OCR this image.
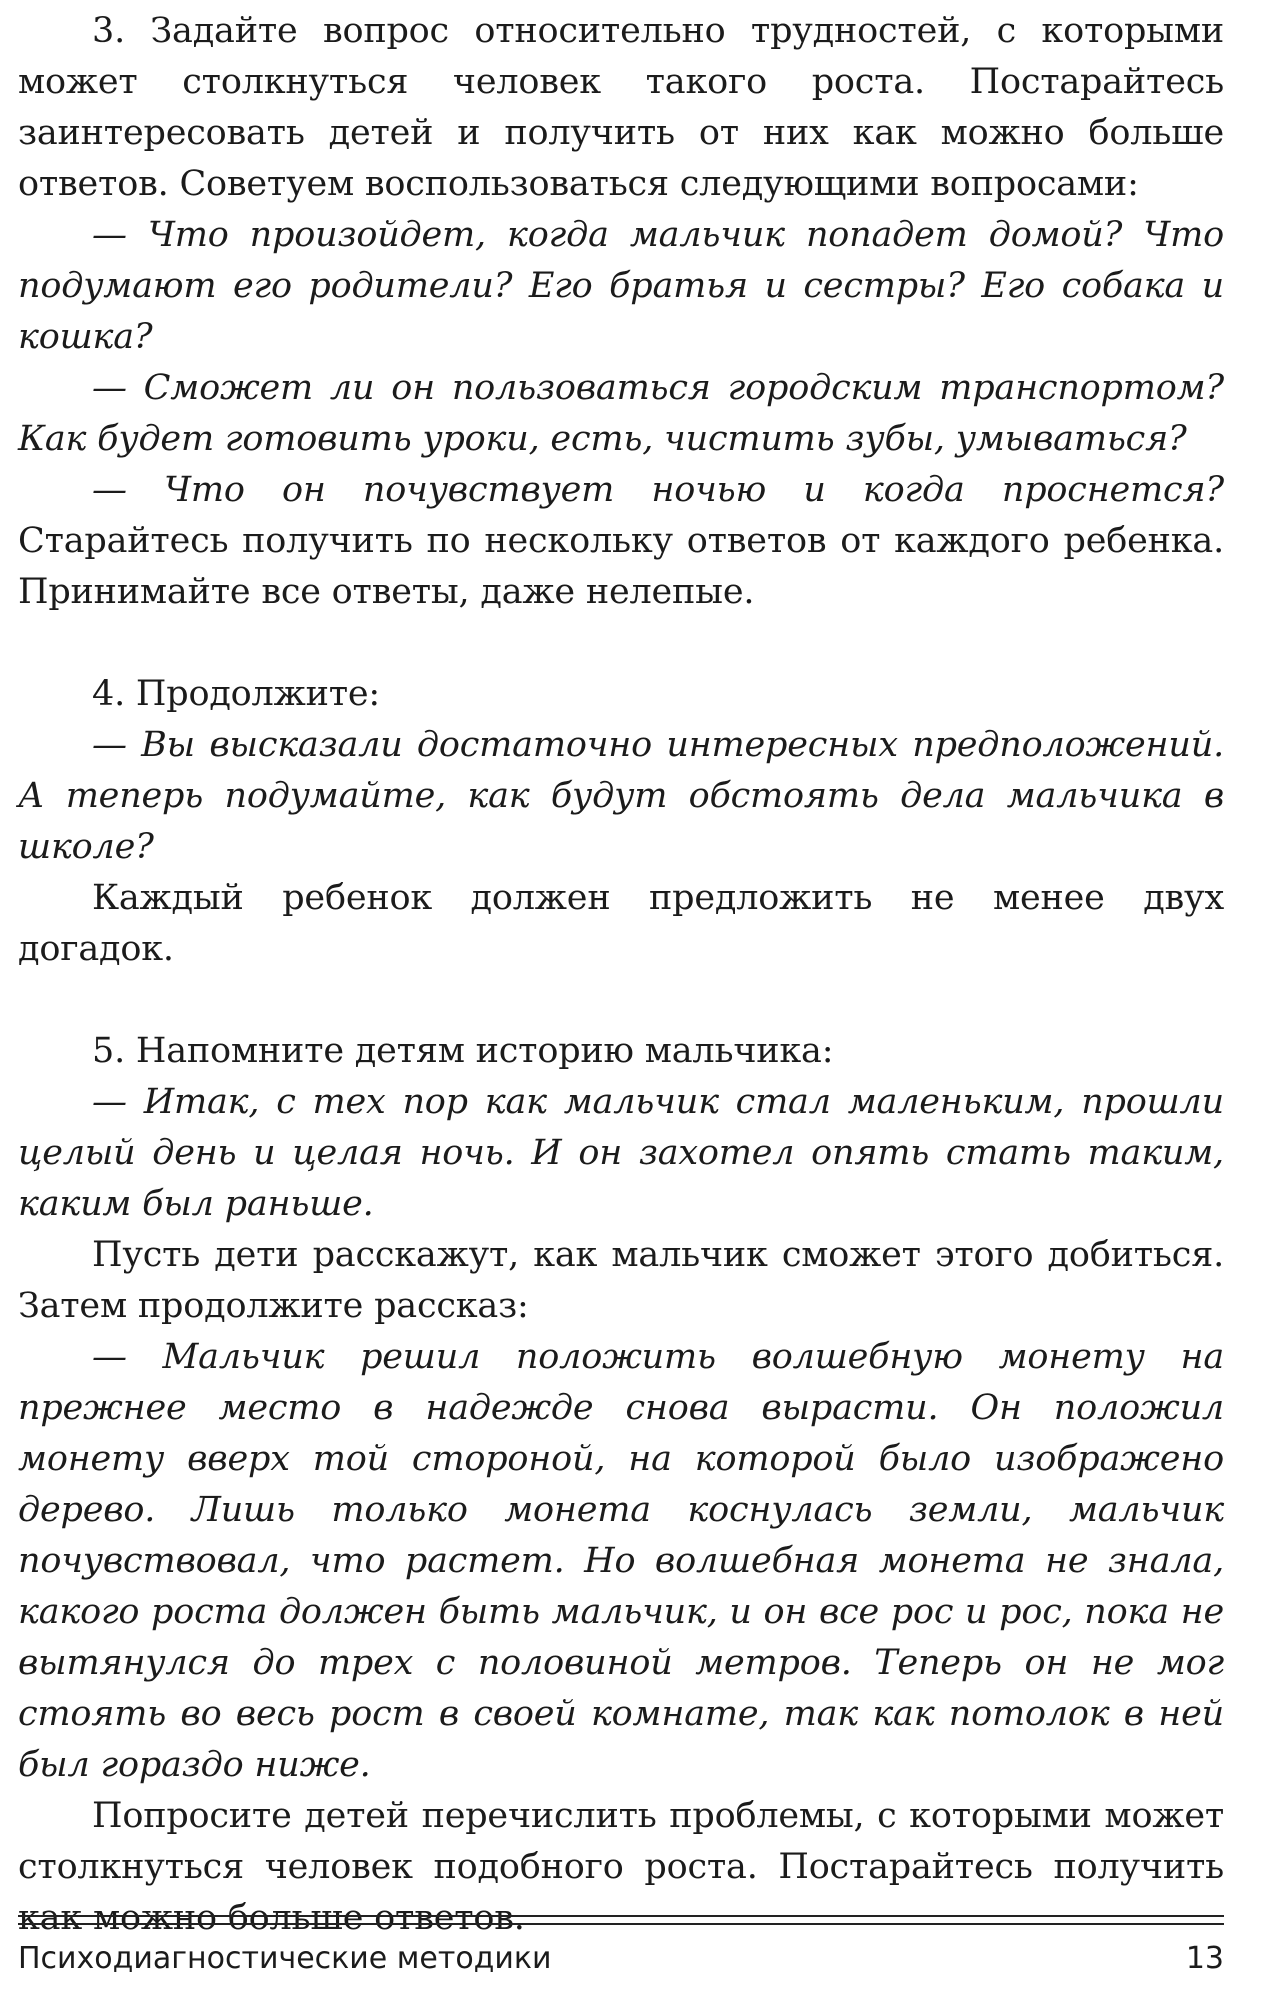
3. Задайте вопрос относительно трудностей, с которыми может столкнуться человек такого роста. Постарайтесь заинтересовать детей и получить от них как можно больше ответов. Советуем воспользоваться следующими вопросами:

— Что произойдет, когда мальчик попадет домой? Что подумают его родители? Его братья и сестры? Его собака и кошка?

— Сможет ли он пользоваться городским транспортом? Как будет готовить уроки, есть, чистить зубы, умываться?

— Что он почувствует ночью и когда проснется? Старайтесь получить по нескольку ответов от каждого ребенка. Принимайте все ответы, даже нелепые.

4. Продолжите:

— Вы высказали достаточно интересных предположений. А теперь подумайте, как будут обстоять дела мальчика в школе?

Каждый ребенок должен предложить не менее двух догадок.

5. Напомните детям историю мальчика:

— Итак, с тех пор как мальчик стал маленьким, прошли целый день и целая ночь. И он захотел опять стать таким, каким был раньше.

Пусть дети расскажут, как мальчик сможет этого добиться. Затем продолжите рассказ:

— Мальчик решил положить волшебную монету на прежнее место в надежде снова вырасти. Он положил монету вверх той стороной, на которой было изображено дерево. Лишь только монета коснулась земли, мальчик почувствовал, что растет. Но волшебная монета не знала, какого роста должен быть мальчик, и он все рос и рос, пока не вытянулся до трех с половиной метров. Теперь он не мог стоять во весь рост в своей комнате, так как потолок в ней был гораздо ниже.

Попросите детей перечислить проблемы, с которыми может столкнуться человек подобного роста. Постарайтесь получить как можно больше ответов.

Психодиагностические методики	13
